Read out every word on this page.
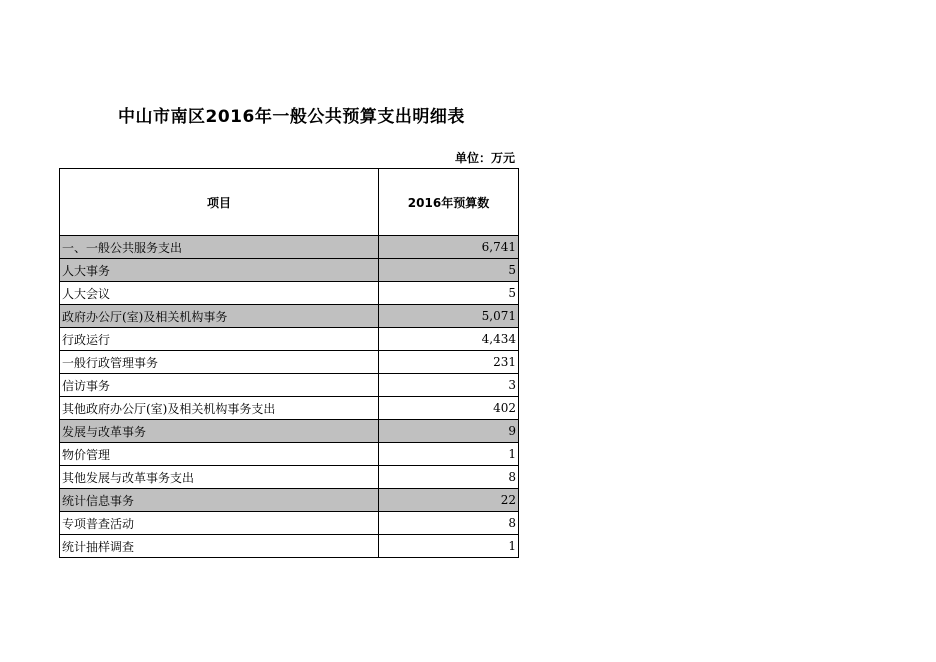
中山市南区2016年一般公共预算支出明细表
单位：万元
项目	2016年预算数
一、一般公共服务支出	6,741
人大事务	5
人大会议	5
政府办公厅(室)及相关机构事务	5,071
行政运行	4,434
一般行政管理事务	231
信访事务	3
其他政府办公厅(室)及相关机构事务支出	402
发展与改革事务	9
物价管理	1
其他发展与改革事务支出	8
统计信息事务	22
专项普查活动	8
统计抽样调查	1
